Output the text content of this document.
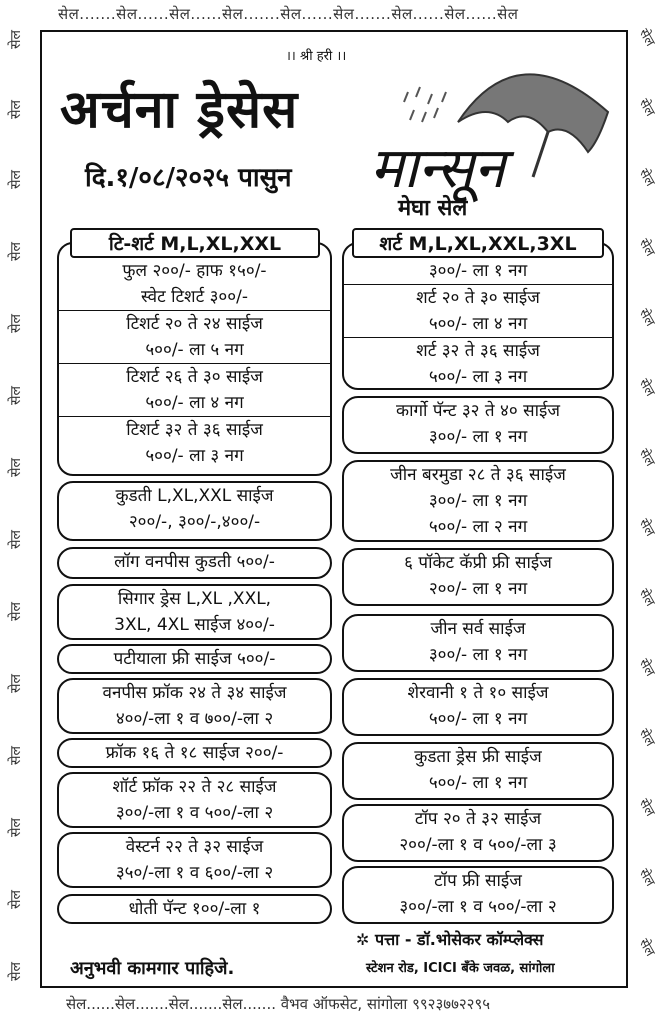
सेल.......सेल......सेल......सेल.......सेल......सेल.......सेल......सेल......सेल
सेल......सेल.......सेल.......सेल....... वैभव ऑफसेट, सांगोला ९९२३७७२२९५
सेल
सेल
सेल
सेल
सेल
सेल
सेल
सेल
सेल
सेल
सेल
सेल
सेल
सेल
सेल
सेल
सेल
सेल
सेल
सेल
सेल
सेल
सेल
सेल
सेल
सेल
सेल
सेल
।। श्री हरी ।।
अर्चना ड्रेसेस
दि.१/०८/२०२५ पासुन मान्सून
मेघा सेल
फुल २००/- हाफ १५०/-
स्वेट टिशर्ट ३००/-
टिशर्ट २० ते २४ साईज
५००/- ला ५ नग
टिशर्ट २६ ते ३० साईज
५००/- ला ४ नग
टिशर्ट ३२ ते ३६ साईज
५००/- ला ३ नग
टि-शर्ट M,L,XL,XXL
कुडती L,XL,XXL साईज
२००/-, ३००/-,४००/-
लॉग वनपीस कुडती ५००/-
सिगार ड्रेस L,XL ,XXL,
3XL, 4XL साईज ४००/-
पटीयाला फ्री साईज ५००/-
वनपीस फ्रॉक २४ ते ३४ साईज
४००/-ला १ व ७००/-ला २
फ्रॉक १६ ते १८ साईज २००/-
शॉर्ट फ्रॉक २२ ते २८ साईज
३००/-ला १ व ५००/-ला २
वेस्टर्न २२ ते ३२ साईज
३५०/-ला १ व ६००/-ला २
धोती पॅन्ट १००/-ला १
३००/- ला १ नग
शर्ट २० ते ३० साईज
५००/- ला ४ नग
शर्ट ३२ ते ३६ साईज
५००/- ला ३ नग
शर्ट M,L,XL,XXL,3XL
कार्गो पॅन्ट ३२ ते ४० साईज
३००/- ला १ नग
जीन बरमुडा २८ ते ३६ साईज
३००/- ला १ नग
५००/- ला २ नग
६ पॉकेट कॅप्री फ्री साईज
२००/- ला १ नग
जीन सर्व साईज
३००/- ला १ नग
शेरवानी १ ते १० साईज
५००/- ला १ नग
कुडता ड्रेस फ्री साईज
५००/- ला १ नग
टॉप २० ते ३२ साईज
२००/-ला १ व ५००/-ला ३
टॉप फ्री साईज
३००/-ला १ व ५००/-ला २
अनुभवी कामगार पाहिजे.
✲ पत्ता - डॉ.भोसेकर कॉम्प्लेक्स
स्टेशन रोड, ICICI बँके जवळ, सांगोला
